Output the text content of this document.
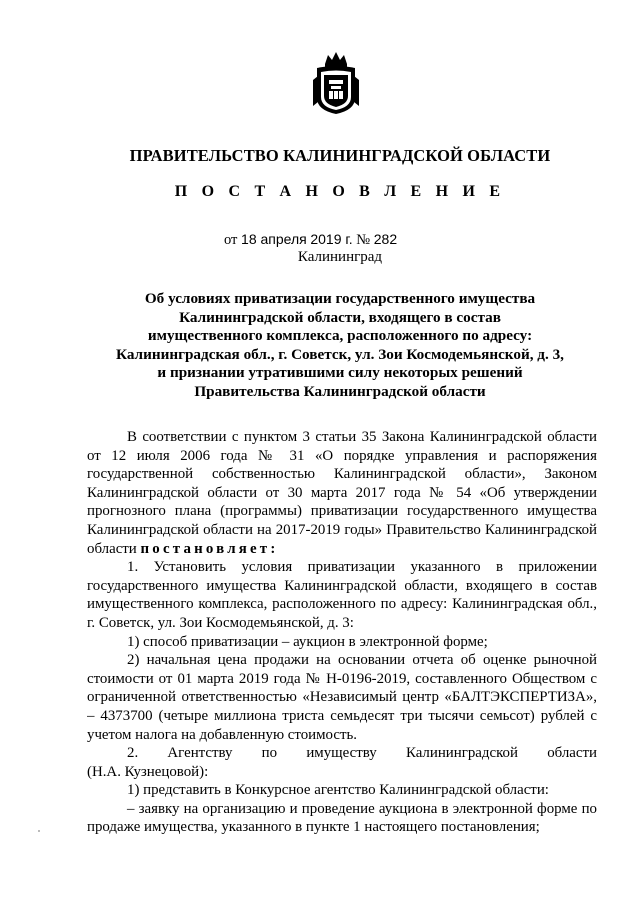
ПРАВИТЕЛЬСТВО КАЛИНИНГРАДСКОЙ ОБЛАСТИ
П О С Т А Н О В Л Е Н И Е
от 18 апреля 2019 г. № 282
Калининград
Об условиях приватизации государственного имущества
Калининградской области, входящего в состав
имущественного комплекса, расположенного по адресу:
Калининградская обл., г. Советск, ул. Зои Космодемьянской, д. 3,
и признании утратившими силу некоторых решений
Правительства Калининградской области
В соответствии с пунктом 3 статьи 35 Закона Калининградской области
от 12 июля 2006 года № 31 «О порядке управления и распоряжения
государственной собственностью Калининградской области», Законом
Калининградской области от 30 марта 2017 года № 54 «Об утверждении
прогнозного плана (программы) приватизации государственного имущества
Калининградской области на 2017-2019 годы» Правительство Калининградской
области постановляет:
1. Установить условия приватизации указанного в приложении
государственного имущества Калининградской области, входящего в состав
имущественного комплекса, расположенного по адресу: Калининградская обл.,
г. Советск, ул. Зои Космодемьянской, д. 3:
1) способ приватизации – аукцион в электронной форме;
2) начальная цена продажи на основании отчета об оценке рыночной
стоимости от 01 марта 2019 года № Н-0196-2019, составленного Обществом с
ограниченной ответственностью «Независимый центр «БАЛТЭКСПЕРТИЗА»,
– 4373700 (четыре миллиона триста семьдесят три тысячи семьсот) рублей с
учетом налога на добавленную стоимость.
2. Агентству по имуществу Калининградской области
(Н.А. Кузнецовой):
1) представить в Конкурсное агентство Калининградской области:
– заявку на организацию и проведение аукциона в электронной форме по
продаже имущества, указанного в пункте 1 настоящего постановления;
